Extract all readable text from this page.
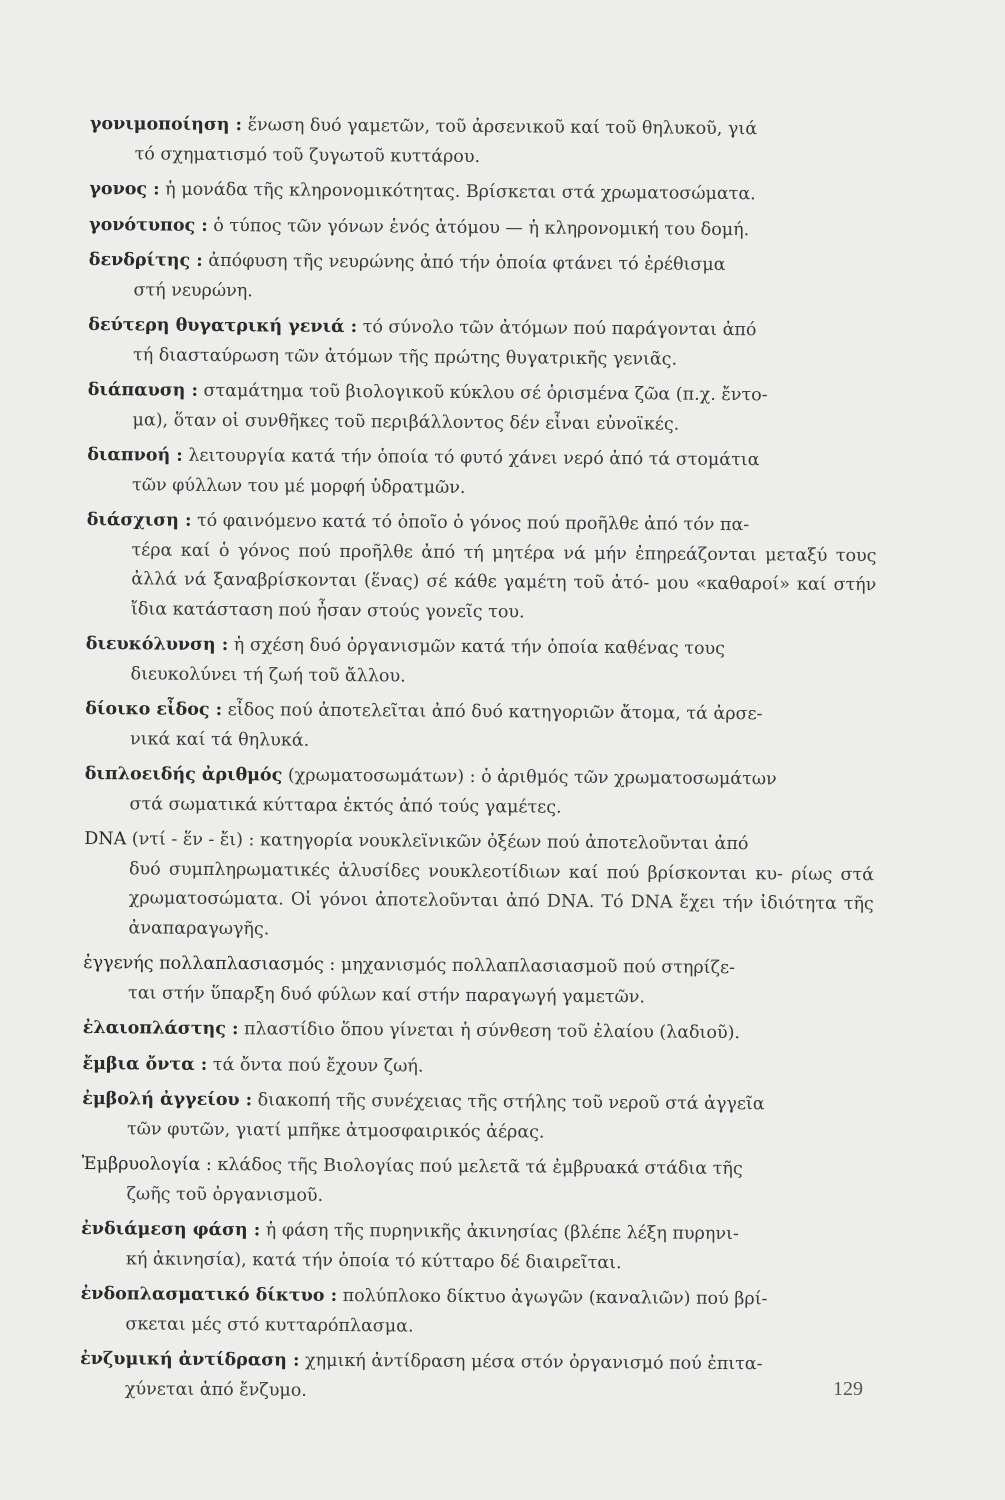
γονιμοποίηση : ἕνωση δυό γαμετῶν, τοῦ ἀρσενικοῦ καί τοῦ θηλυκοῦ, γιά
τό σχηματισμό τοῦ ζυγωτοῦ κυττάρου.
γονος : ἡ μονάδα τῆς κληρονομικότητας. Βρίσκεται στά χρωματοσώματα.
γονότυπος : ὁ τύπος τῶν γόνων ἑνός ἀτόμου — ἡ κληρονομική του δομή.
δενδρίτης : ἀπόφυση τῆς νευρώνης ἀπό τήν ὁποία φτάνει τό ἐρέθισμα
στή νευρώνη.
δεύτερη θυγατρική γενιά : τό σύνολο τῶν ἀτόμων πού παράγονται ἀπό
τή διασταύρωση τῶν ἀτόμων τῆς πρώτης θυγατρικῆς γενιᾶς.
διάπαυση : σταμάτημα τοῦ βιολογικοῦ κύκλου σέ ὁρισμένα ζῶα (π.χ. ἔντο-
μα), ὅταν οἱ συνθῆκες τοῦ περιβάλλοντος δέν εἶναι εὐνοϊκές.
διαπνοή : λειτουργία κατά τήν ὁποία τό φυτό χάνει νερό ἀπό τά στομάτια
τῶν φύλλων του μέ μορφή ὑδρατμῶν.
διάσχιση : τό φαινόμενο κατά τό ὁποῖο ὁ γόνος πού προῆλθε ἀπό τόν πα-
τέρα καί ὁ γόνος πού προῆλθε ἀπό τή μητέρα νά μήν ἐπηρεάζονται μεταξύ τους ἀλλά νά ξαναβρίσκονται (ἕνας) σέ κάθε γαμέτη τοῦ ἀτό- μου «καθαροί» καί στήν ἴδια κατάσταση πού ἦσαν στούς γονεῖς του.
διευκόλυνση : ἡ σχέση δυό ὀργανισμῶν κατά τήν ὁποία καθένας τους
διευκολύνει τή ζωή τοῦ ἄλλου.
δίοικο εἶδος : εἶδος πού ἀποτελεῖται ἀπό δυό κατηγοριῶν ἄτομα, τά ἀρσε-
νικά καί τά θηλυκά.
διπλοειδής ἀριθμός (χρωματοσωμάτων) : ὁ ἀριθμός τῶν χρωματοσωμάτων
στά σωματικά κύτταρα ἐκτός ἀπό τούς γαμέτες.
DNA (ντί - ἕν - ἔι) : κατηγορία νουκλεϊνικῶν ὀξέων πού ἀποτελοῦνται ἀπό
δυό συμπληρωματικές ἁλυσίδες νουκλεοτίδιων καί πού βρίσκονται κυ- ρίως στά χρωματοσώματα. Οἱ γόνοι ἀποτελοῦνται ἀπό DNA. Τό DNA ἔχει τήν ἰδιότητα τῆς ἀναπαραγωγῆς.
ἐγγενής πολλαπλασιασμός : μηχανισμός πολλαπλασιασμοῦ πού στηρίζε-
ται στήν ὕπαρξη δυό φύλων καί στήν παραγωγή γαμετῶν.
ἐλαιοπλάστης : πλαστίδιο ὅπου γίνεται ἡ σύνθεση τοῦ ἐλαίου (λαδιοῦ).
ἔμβια ὄντα : τά ὄντα πού ἔχουν ζωή.
ἐμβολή ἀγγείου : διακοπή τῆς συνέχειας τῆς στήλης τοῦ νεροῦ στά ἀγγεῖα
τῶν φυτῶν, γιατί μπῆκε ἀτμοσφαιρικός ἀέρας.
Ἐμβρυολογία : κλάδος τῆς Βιολογίας πού μελετᾶ τά ἐμβρυακά στάδια τῆς
ζωῆς τοῦ ὀργανισμοῦ.
ἐνδιάμεση φάση : ἡ φάση τῆς πυρηνικῆς ἀκινησίας (βλέπε λέξη πυρηνι-
κή ἀκινησία), κατά τήν ὁποία τό κύτταρο δέ διαιρεῖται.
ἐνδοπλασματικό δίκτυο : πολύπλοκο δίκτυο ἀγωγῶν (καναλιῶν) πού βρί-
σκεται μές στό κυτταρόπλασμα.
ἐνζυμική ἀντίδραση : χημική ἀντίδραση μέσα στόν ὀργανισμό πού ἐπιτα-
χύνεται ἀπό ἔνζυμο.	129
